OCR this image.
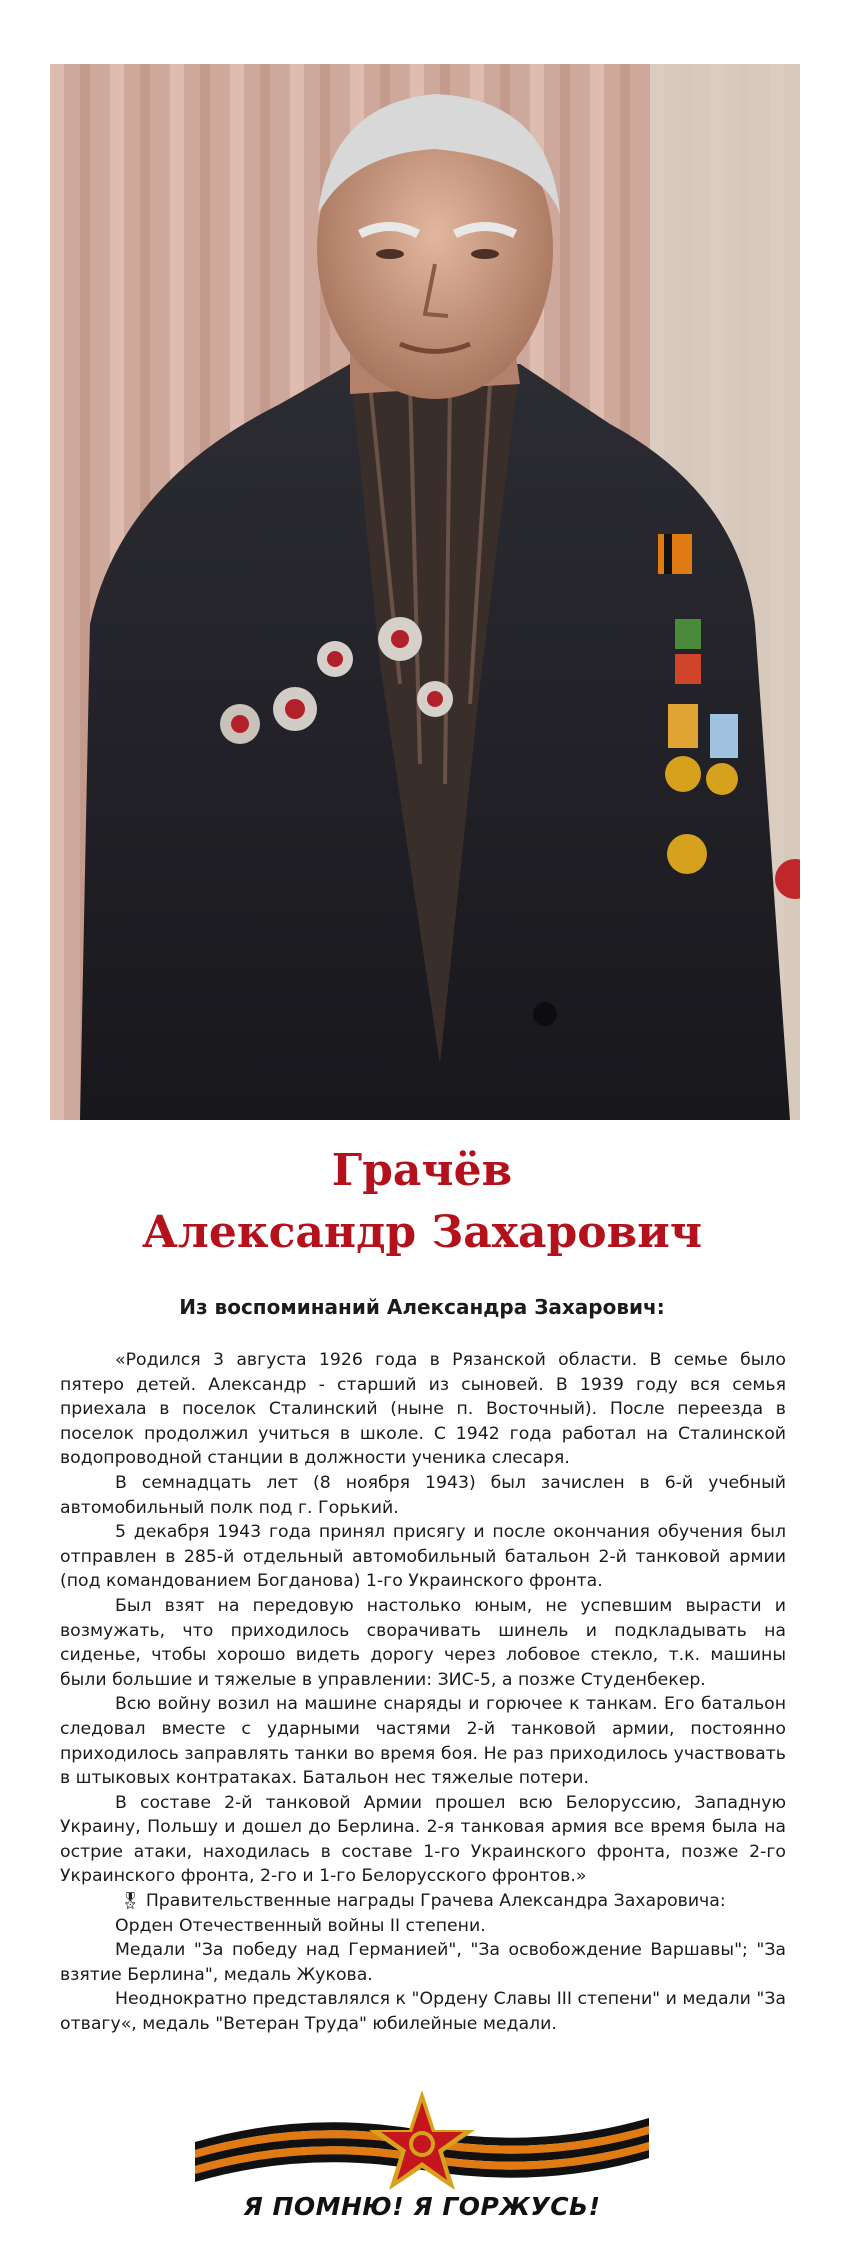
Грачёв
Александр Захарович
Из воспоминаний Александра Захарович:

«Родился 3 августа 1926 года в Рязанской области. В семье было пятеро детей. Александр - старший из сыновей. В 1939 году вся семья приехала в поселок Сталинский (ныне п. Восточный). После переезда в поселок продолжил учиться в школе. С 1942 года работал на Сталинской водопроводной станции в должности ученика слесаря.

В семнадцать лет (8 ноября 1943) был зачислен в 6-й учебный автомобильный полк под г. Горький.

5 декабря 1943 года принял присягу и после окончания обучения был отправлен в 285-й отдельный автомобильный батальон 2-й танковой армии (под командованием Богданова) 1-го Украинского фронта.

Был взят на передовую настолько юным, не успевшим вырасти и возмужать, что приходилось сворачивать шинель и подкладывать на сиденье, чтобы хорошо видеть дорогу через лобовое стекло, т.к. машины были большие и тяжелые в управлении: ЗИС-5, а позже Студенбекер.

Всю войну возил на машине снаряды и горючее к танкам. Его батальон следовал вместе с ударными частями 2-й танковой армии, постоянно приходилось заправлять танки во время боя. Не раз приходилось участвовать в штыковых контратаках. Батальон нес тяжелые потери.

В составе 2-й танковой Армии прошел всю Белоруссию, Западную Украину, Польшу и дошел до Берлина. 2-я танковая армия все время была на острие атаки, находилась в составе 1-го Украинского фронта, позже 2-го Украинского фронта, 2-го и 1-го Белорусского фронтов.»

🎖 Правительственные награды Грачева Александра Захаровича:

Орден Отечественный войны II степени.

Медали "За победу над Германией", "За освобождение Варшавы"; "За взятие Берлина", медаль Жукова.

Неоднократно представлялся к "Ордену Славы III степени" и медали "За отвагу«, медаль "Ветеран Труда" юбилейные медали.

Я ПОМНЮ! Я ГОРЖУСЬ!
